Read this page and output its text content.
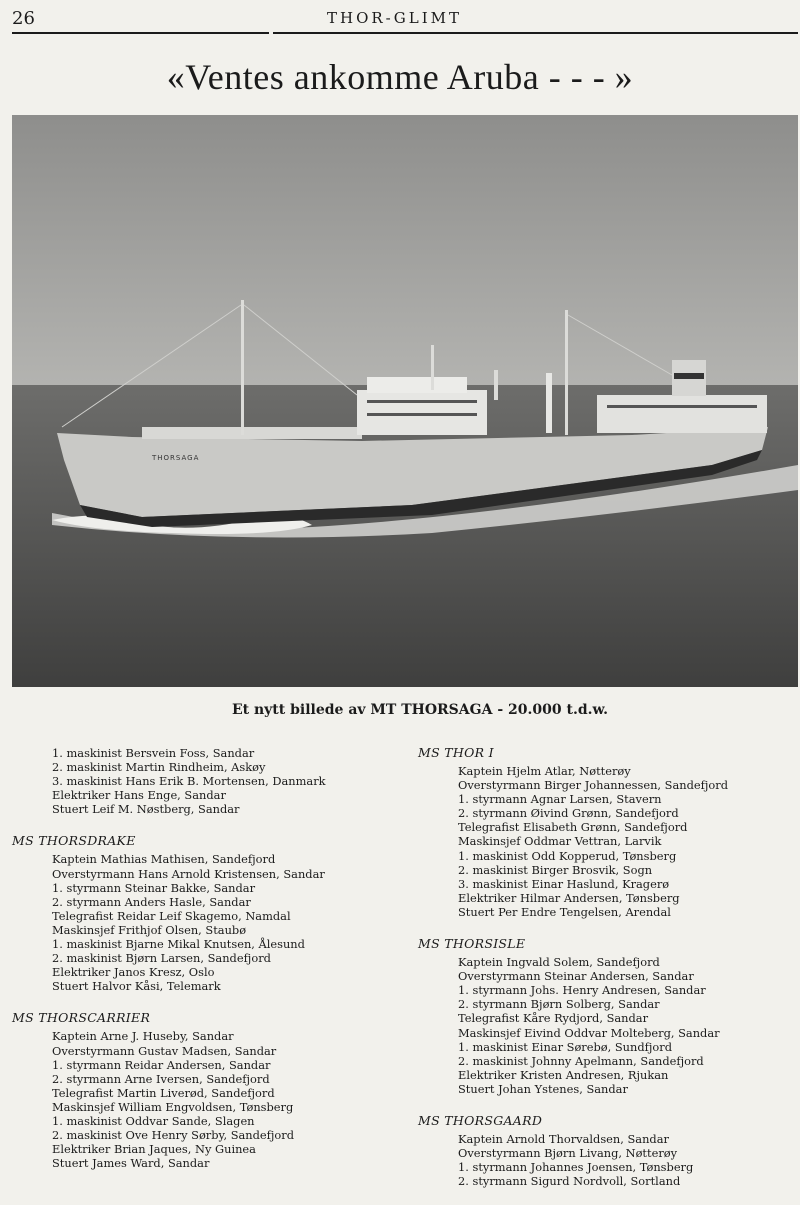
26	THOR-GLIMT
«Ventes ankomme Aruba - - - »
THORSAGA
Et nytt billede av MT THORSAGA - 20.000 t.d.w.
1. maskinist Bersvein Foss, Sandar
2. maskinist Martin Rindheim, Askøy
3. maskinist Hans Erik B. Mortensen, Danmark
Elektriker Hans Enge, Sandar
Stuert Leif M. Nøstberg, Sandar

MS THORSDRAKE

Kaptein Mathias Mathisen, Sandefjord
Overstyrmann Hans Arnold Kristensen, Sandar
1. styrmann Steinar Bakke, Sandar
2. styrmann Anders Hasle, Sandar
Telegrafist Reidar Leif Skagemo, Namdal
Maskinsjef Frithjof Olsen, Staubø
1. maskinist Bjarne Mikal Knutsen, Ålesund
2. maskinist Bjørn Larsen, Sandefjord
Elektriker Janos Kresz, Oslo
Stuert Halvor Kåsi, Telemark

MS THORSCARRIER

Kaptein Arne J. Huseby, Sandar
Overstyrmann Gustav Madsen, Sandar
1. styrmann Reidar Andersen, Sandar
2. styrmann Arne Iversen, Sandefjord
Telegrafist Martin Liverød, Sandefjord
Maskinsjef William Engvoldsen, Tønsberg
1. maskinist Oddvar Sande, Slagen
2. maskinist Ove Henry Sørby, Sandefjord
Elektriker Brian Jaques, Ny Guinea
Stuert James Ward, Sandar

MS THOR I

Kaptein Hjelm Atlar, Nøtterøy
Overstyrmann Birger Johannessen, Sandefjord
1. styrmann Agnar Larsen, Stavern
2. styrmann Øivind Grønn, Sandefjord
Telegrafist Elisabeth Grønn, Sandefjord
Maskinsjef Oddmar Vettran, Larvik
1. maskinist Odd Kopperud, Tønsberg
2. maskinist Birger Brosvik, Sogn
3. maskinist Einar Haslund, Kragerø
Elektriker Hilmar Andersen, Tønsberg
Stuert Per Endre Tengelsen, Arendal

MS THORSISLE

Kaptein Ingvald Solem, Sandefjord
Overstyrmann Steinar Andersen, Sandar
1. styrmann Johs. Henry Andresen, Sandar
2. styrmann Bjørn Solberg, Sandar
Telegrafist Kåre Rydjord, Sandar
Maskinsjef Eivind Oddvar Molteberg, Sandar
1. maskinist Einar Sørebø, Sundfjord
2. maskinist Johnny Apelmann, Sandefjord
Elektriker Kristen Andresen, Rjukan
Stuert Johan Ystenes, Sandar

MS THORSGAARD

Kaptein Arnold Thorvaldsen, Sandar
Overstyrmann Bjørn Livang, Nøtterøy
1. styrmann Johannes Joensen, Tønsberg
2. styrmann Sigurd Nordvoll, Sortland
